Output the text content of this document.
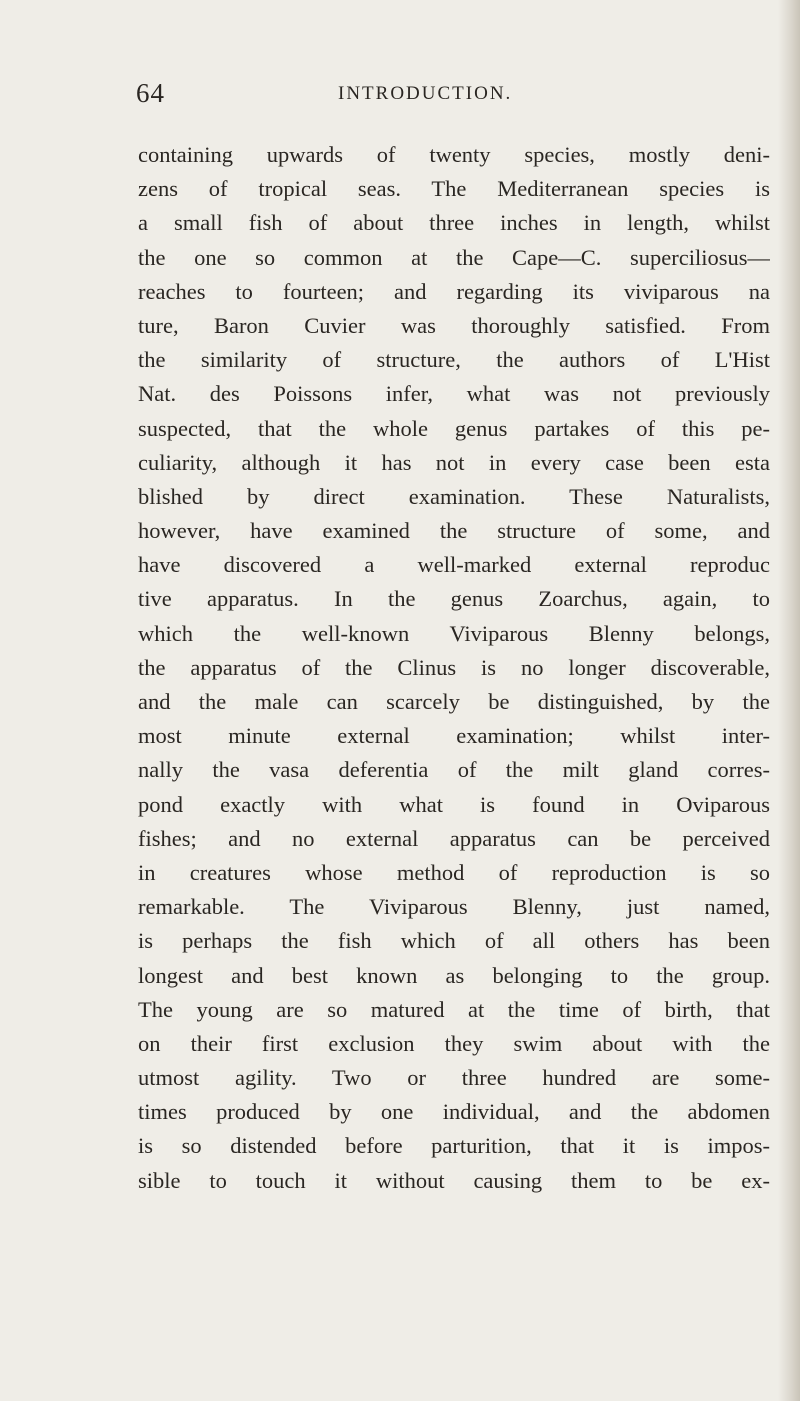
64	INTRODUCTION.
containing upwards of twenty species, mostly deni-
zens of tropical seas. The Mediterranean species is
a small fish of about three inches in length, whilst
the one so common at the Cape—C. superciliosus—
reaches to fourteen; and regarding its viviparous na
ture, Baron Cuvier was thoroughly satisfied. From
the similarity of structure, the authors of L'Hist
Nat. des Poissons infer, what was not previously
suspected, that the whole genus partakes of this pe-
culiarity, although it has not in every case been esta
blished by direct examination. These Naturalists,
however, have examined the structure of some, and
have discovered a well-marked external reproduc
tive apparatus. In the genus Zoarchus, again, to
which the well-known Viviparous Blenny belongs,
the apparatus of the Clinus is no longer discoverable,
and the male can scarcely be distinguished, by the
most minute external examination; whilst inter-
nally the vasa deferentia of the milt gland corres-
pond exactly with what is found in Oviparous
fishes; and no external apparatus can be perceived
in creatures whose method of reproduction is so
remarkable. The Viviparous Blenny, just named,
is perhaps the fish which of all others has been
longest and best known as belonging to the group.
The young are so matured at the time of birth, that
on their first exclusion they swim about with the
utmost agility. Two or three hundred are some-
times produced by one individual, and the abdomen
is so distended before parturition, that it is impos-
sible to touch it without causing them to be ex-
